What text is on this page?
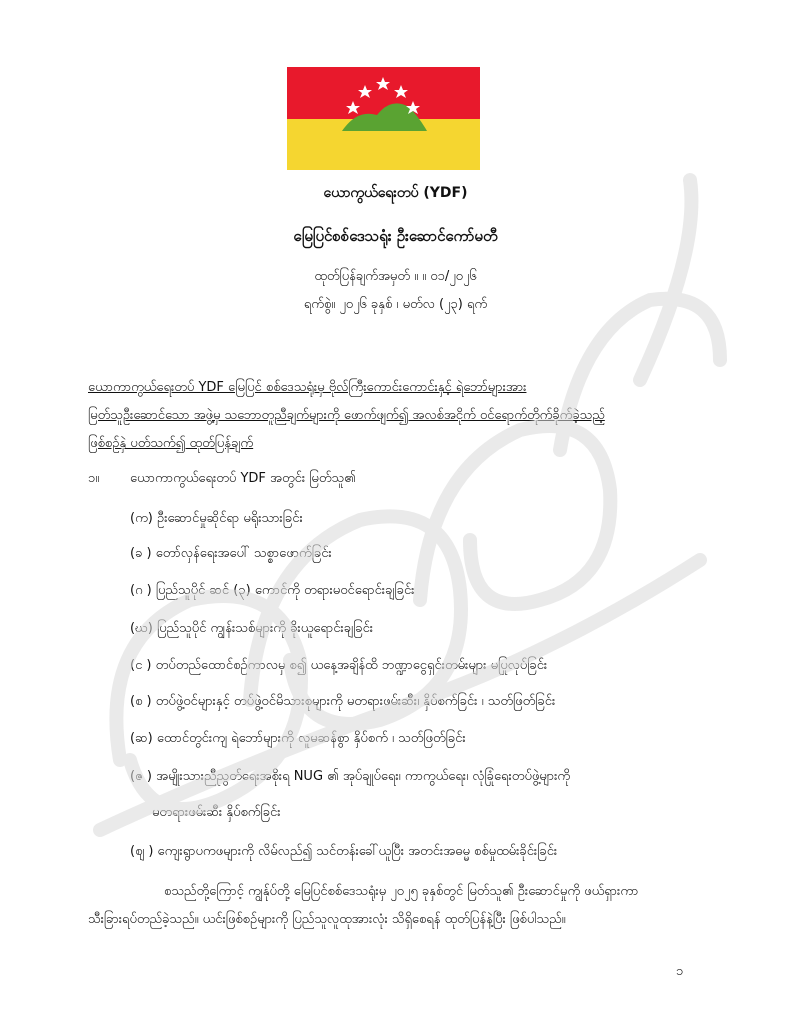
ယောကွယ်ရေးတပ် (YDF)
မြေပြင်စစ်ဒေသရုံး ဦးဆောင်ကော်မတီ
ထုတ်ပြန်ချက်အမှတ် ။ ။ ၀၁/၂၀၂၆
ရက်စွဲ။ ၂၀၂၆ ခုနှစ် ၊ မတ်လ (၂၃) ရက်
ယောကာကွယ်ရေးတပ် YDF မြေပြင် စစ်ဒေသရုံးမှ ဗိုလ်ကြီးကောင်းကောင်းနှင့် ရဲဘော်များအား
မြတ်သူဦးဆောင်သော အဖွဲ့မှ သဘောတူညီချက်များကို ဖောက်ဖျက်၍ အလစ်အငိုက် ဝင်ရောက်တိုက်ခိုက်ခဲ့သည့်
ဖြစ်စဥ်နှဲ ပတ်သက်၍ ထုတ်ပြန်ချက်
၁။ ယောကာကွယ်ရေးတပ် YDF အတွင်း မြတ်သူ၏
(က) ဦးဆောင်မှုဆိုင်ရာ မရိုးသားခြင်း
(ခ ) တော်လှန်ရေးအပေါ် သစ္စာဖောက်ခြင်း
(ဂ ) ပြည်သူပိုင် ဆင် (၃) ကောင်ကို တရားမဝင်ရောင်းချခြင်း
(ဃ) ပြည်သူပိုင် ကျွန်းသစ်များကို ခိုးယူရောင်းချခြင်း
(င ) တပ်တည်ထောင်စဉ်ကာလမှ စ၍ ယနေ့အချိန်ထိ ဘဏ္ဍာငွေရှင်းတမ်းများ မပြုလုပ်ခြင်း
(စ ) တပ်ဖွဲ့ဝင်များနှင့် တပ်ဖွဲ့ဝင်မိသားစုများကို မတရားဖမ်းဆီး၊ နှိပ်စက်ခြင်း ၊ သတ်ဖြတ်ခြင်း
(ဆ) ထောင်တွင်းကျ ရဲဘော်များကို လူမဆန်စွာ နှိပ်စက် ၊ သတ်ဖြတ်ခြင်း
(ဇ ) အမျိုးသားညီညွတ်ရေးအစိုးရ NUG ၏ အုပ်ချုပ်ရေး၊ ကာကွယ်ရေး၊ လုံခြုံရေးတပ်ဖွဲ့များကို
မတရားဖမ်းဆီး နှိပ်စက်ခြင်း
(ဈ ) ကျေးရွာပကဖများကို လိမ်လည်၍ သင်တန်းခေါ်ယူပြီး အတင်းအဓမ္မ စစ်မှုထမ်းခိုင်းခြင်း
စသည်တို့ကြောင့် ကျွန်ုပ်တို့ မြေပြင်စစ်ဒေသရုံးမှ ၂၀၂၅ ခုနှစ်တွင် မြတ်သူ၏ ဦးဆောင်မှုကို ဖယ်ရှားကာ
သီးခြားရပ်တည်ခဲ့သည်။ ယင်းဖြစ်စဉ်များကို ပြည်သူလူထုအားလုံး သိရှိစေရန် ထုတ်ပြန်နဲ့ပြီး ဖြစ်ပါသည်။
၁
